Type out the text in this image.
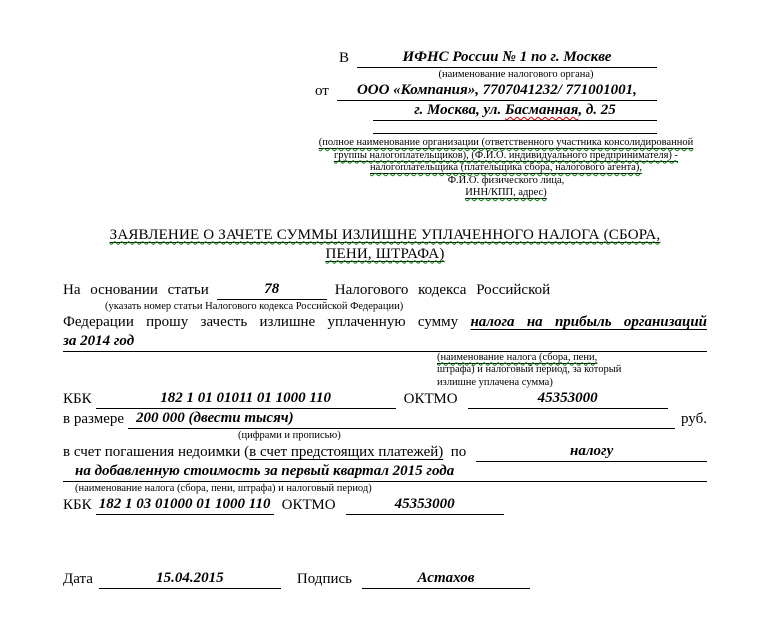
В	ИФНС России № 1 по г. Москве
(наименование налогового органа)
от	ООО «Компания», 7707041232/ 771001001,
г. Москва, ул. Басманная, д. 25
(полное наименование организации (ответственного участника консолидированной
группы налогоплательщиков), (Ф.И.О. индивидуального предпринимателя) -
налогоплательщика (плательщика сбора, налогового агента),
Ф.И.О. физического лица,
ИНН/КПП, адрес)
ЗАЯВЛЕНИЕ О ЗАЧЕТЕ СУММЫ ИЗЛИШНЕ УПЛАЧЕННОГО НАЛОГА (СБОРА,
ПЕНИ, ШТРАФА)
На основании статьи	78	Налогового кодекса Российской
(указать номер статьи Налогового кодекса Российской Федерации)
Федерации прошу зачесть излишне уплаченную сумму налога на прибыль организаций
за 2014 год
(наименование налога (сбора, пени,
штрафа) и налоговый период, за который
излишне уплачена сумма)
КБК	182 1 01 01011 01 1000 110	ОКТМО	45353000
в размере 200 000 (двести тысяч)	руб.
(цифрами и прописью)
в счет погашения недоимки ( в счет предстоящих платежей) по	налогу
на добавленную стоимость за первый квартал 2015 года
(наименование налога (сбора, пени, штрафа) и налоговый период)
КБК 182 1 03 01000 01 1000 110 ОКТМО	45353000
Дата	15.04.2015	Подпись	Астахов
